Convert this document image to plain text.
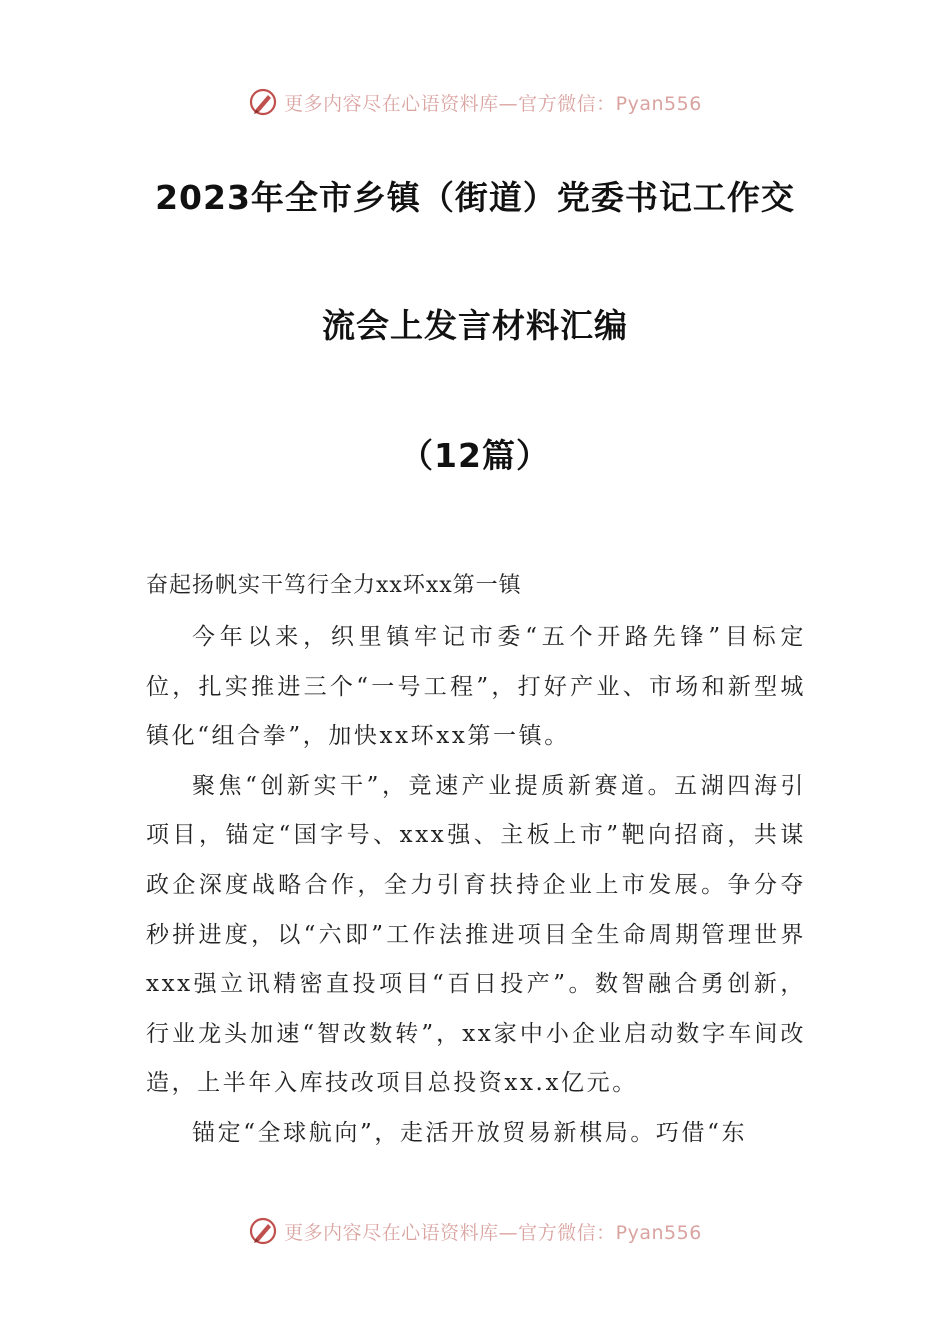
更多内容尽在心语资料库—官方微信：Pyan556
2023年全市乡镇（街道）党委书记工作交
流会上发言材料汇编
（12篇）
奋起扬帆实干笃行全力xx环xx第一镇

今年以来，织里镇牢记市委“五个开路先锋”目标定位，扎实推进三个“一号工程”，打好产业、市场和新型城镇化“组合拳”，加快xx环xx第一镇。

聚焦“创新实干”，竞速产业提质新赛道。五湖四海引项目，锚定“国字号、xxx强、主板上市”靶向招商，共谋政企深度战略合作，全力引育扶持企业上市发展。争分夺秒拼进度，以“六即”工作法推进项目全生命周期管理世界xxx强立讯精密直投项目“百日投产”。数智融合勇创新，行业龙头加速“智改数转”，xx家中小企业启动数字车间改造，上半年入库技改项目总投资xx.x亿元。

锚定“全球航向”，走活开放贸易新棋局。巧借“东

更多内容尽在心语资料库—官方微信：Pyan556
